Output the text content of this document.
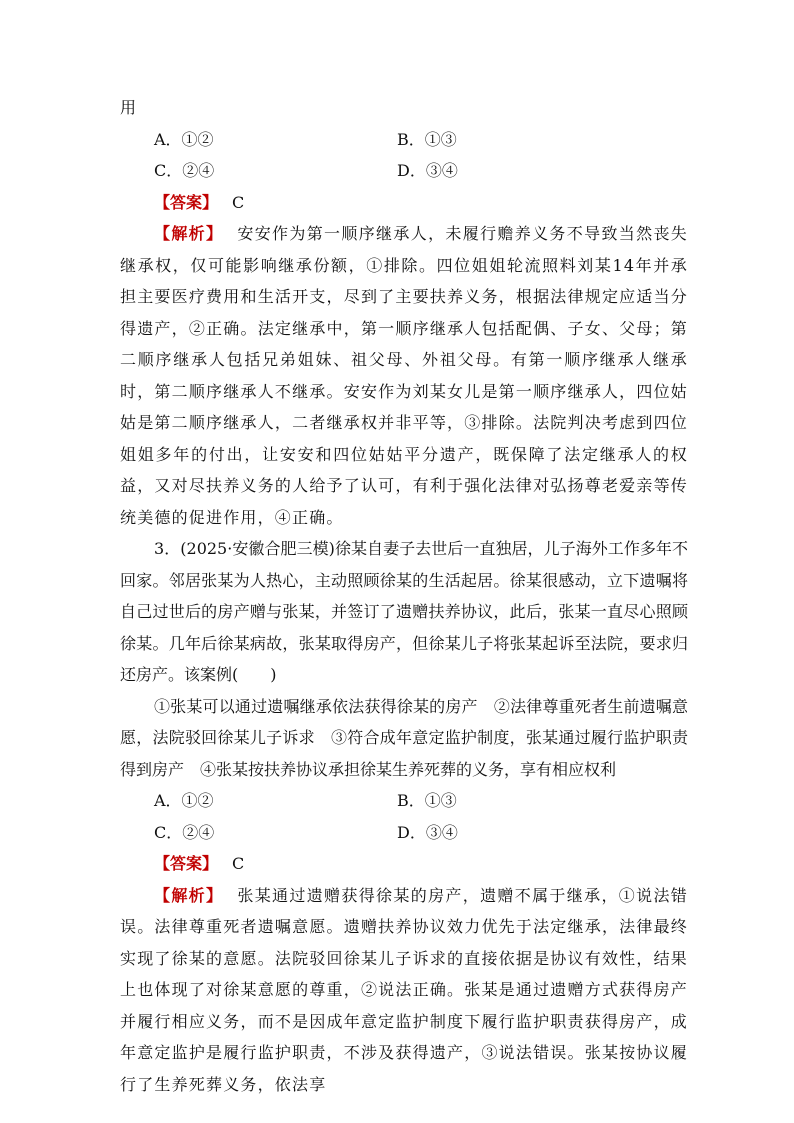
用

A．①②	B．①③
C．②④	D．③④

【答案】 C

【解析】 安安作为第一顺序继承人，未履行赡养义务不导致当然丧失继承权，仅可能影响继承份额，①排除。四位姐姐轮流照料刘某14年并承担主要医疗费用和生活开支，尽到了主要扶养义务，根据法律规定应适当分得遗产，②正确。法定继承中，第一顺序继承人包括配偶、子女、父母；第二顺序继承人包括兄弟姐妹、祖父母、外祖父母。有第一顺序继承人继承时，第二顺序继承人不继承。安安作为刘某女儿是第一顺序继承人，四位姑姑是第二顺序继承人，二者继承权并非平等，③排除。法院判决考虑到四位姐姐多年的付出，让安安和四位姑姑平分遗产，既保障了法定继承人的权益，又对尽扶养义务的人给予了认可，有利于强化法律对弘扬尊老爱亲等传统美德的促进作用，④正确。

3．(2025·安徽合肥三模)徐某自妻子去世后一直独居，儿子海外工作多年不回家。邻居张某为人热心，主动照顾徐某的生活起居。徐某很感动，立下遗嘱将自己过世后的房产赠与张某，并签订了遗赠扶养协议，此后，张某一直尽心照顾徐某。几年后徐某病故，张某取得房产，但徐某儿子将张某起诉至法院，要求归还房产。该案例(　　)

①张某可以通过遗嘱继承依法获得徐某的房产　②法律尊重死者生前遗嘱意愿，法院驳回徐某儿子诉求　③符合成年意定监护制度，张某通过履行监护职责得到房产　④张某按扶养协议承担徐某生养死葬的义务，享有相应权利

A．①②	B．①③
C．②④	D．③④

【答案】 C

【解析】 张某通过遗赠获得徐某的房产，遗赠不属于继承，①说法错误。法律尊重死者遗嘱意愿。遗赠扶养协议效力优先于法定继承，法律最终实现了徐某的意愿。法院驳回徐某儿子诉求的直接依据是协议有效性，结果上也体现了对徐某意愿的尊重，②说法正确。张某是通过遗赠方式获得房产并履行相应义务，而不是因成年意定监护制度下履行监护职责获得房产，成年意定监护是履行监护职责，不涉及获得遗产，③说法错误。张某按协议履行了生养死葬义务，依法享
